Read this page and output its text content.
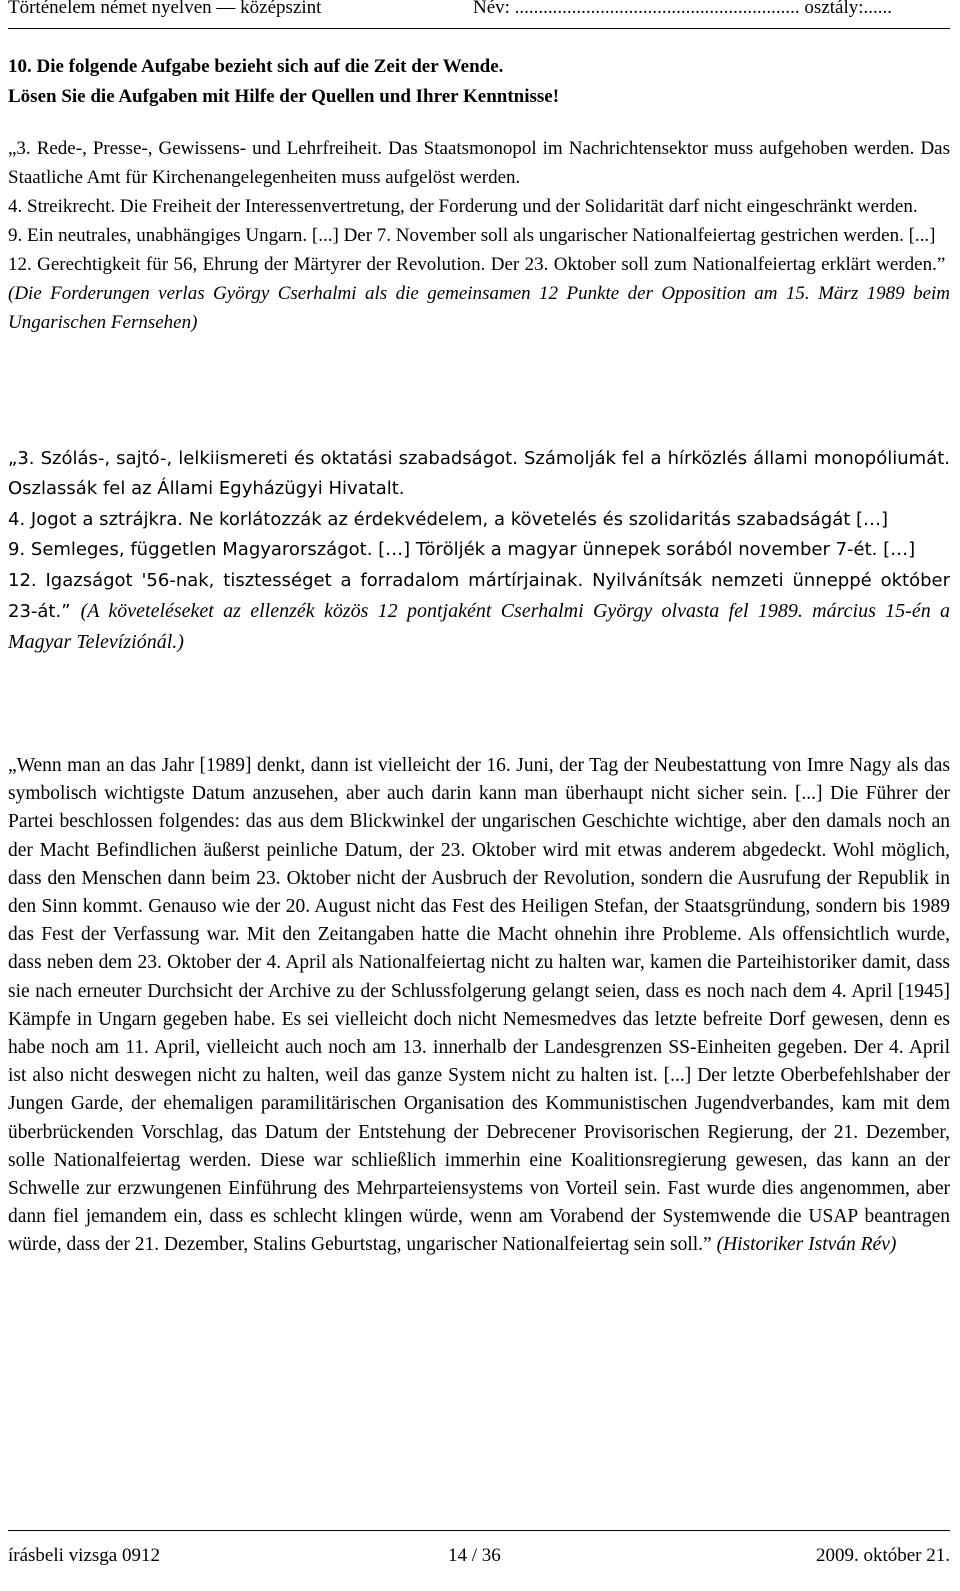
Történelem német nyelven — középszint	Név: ............................................................ osztály:......
10. Die folgende Aufgabe bezieht sich auf die Zeit der Wende.
Lösen Sie die Aufgaben mit Hilfe der Quellen und Ihrer Kenntnisse!

„3. Rede-, Presse-, Gewissens- und Lehrfreiheit. Das Staatsmonopol im Nachrichtensektor muss aufgehoben werden. Das Staatliche Amt für Kirchenangelegenheiten muss aufgelöst werden.

4. Streikrecht. Die Freiheit der Interessenvertretung, der Forderung und der Solidarität darf nicht eingeschränkt werden.

9. Ein neutrales, unabhängiges Ungarn. [...] Der 7. November soll als ungarischer Nationalfeiertag gestrichen werden. [...]

12. Gerechtigkeit für 56, Ehrung der Märtyrer der Revolution. Der 23. Oktober soll zum Nationalfeiertag erklärt werden.”  (Die Forderungen verlas György Cserhalmi als die gemeinsamen 12 Punkte der Opposition am 15. März 1989 beim Ungarischen Fernsehen)

„3. Szólás-, sajtó-, lelkiismereti és oktatási szabadságot. Számolják fel a hírközlés állami monopóliumát. Oszlassák fel az Állami Egyházügyi Hivatalt.

4. Jogot a sztrájkra. Ne korlátozzák az érdekvédelem, a követelés és szolidaritás szabadságát […]

9. Semleges, független Magyarországot. […] Töröljék a magyar ünnepek sorából november 7-ét. […]

12. Igazságot '56-nak, tisztességet a forradalom mártírjainak. Nyilvánítsák nemzeti ünneppé október 23-át.” (A követeléseket az ellenzék közös 12 pontjaként Cserhalmi György olvasta fel 1989. március 15-én a Magyar Televíziónál.)

„Wenn man an das Jahr [1989] denkt, dann ist vielleicht der 16. Juni, der Tag der Neubestattung von Imre Nagy als das symbolisch wichtigste Datum anzusehen, aber auch darin kann man überhaupt nicht sicher sein. [...] Die Führer der Partei beschlossen folgendes: das aus dem Blickwinkel der ungarischen Geschichte wichtige, aber den damals noch an der Macht Befindlichen äußerst peinliche Datum, der 23. Oktober wird mit etwas anderem abgedeckt. Wohl möglich, dass den Menschen dann beim 23. Oktober nicht der Ausbruch der Revolution, sondern die Ausrufung der Republik in den Sinn kommt. Genauso wie der 20. August nicht das Fest des Heiligen Stefan, der Staatsgründung, sondern bis 1989 das Fest der Verfassung war. Mit den Zeitangaben hatte die Macht ohnehin ihre Probleme. Als offensichtlich wurde, dass neben dem 23. Oktober der 4. April als Nationalfeiertag nicht zu halten war, kamen die Parteihistoriker damit, dass sie nach erneuter Durchsicht der Archive zu der Schlussfolgerung gelangt seien, dass es noch nach dem 4. April [1945] Kämpfe in Ungarn gegeben habe. Es sei vielleicht doch nicht Nemesmedves das letzte befreite Dorf gewesen, denn es habe noch am 11. April, vielleicht auch noch am 13. innerhalb der Landesgrenzen SS-Einheiten gegeben. Der 4. April ist also nicht deswegen nicht zu halten, weil das ganze System nicht zu halten ist. [...] Der letzte Oberbefehlshaber der Jungen Garde, der ehemaligen paramilitärischen Organisation des Kommunistischen Jugendverbandes, kam mit dem überbrückenden Vorschlag, das Datum der Entstehung der Debrecener Provisorischen Regierung, der 21. Dezember, solle Nationalfeiertag werden. Diese war schließlich immerhin eine Koalitionsregierung gewesen, das kann an der Schwelle zur erzwungenen Einführung des Mehrparteiensystems von Vorteil sein. Fast wurde dies angenommen, aber dann fiel jemandem ein, dass es schlecht klingen würde, wenn am Vorabend der Systemwende die USAP beantragen würde, dass der 21. Dezember, Stalins Geburtstag, ungarischer Nationalfeiertag sein soll.” (Historiker István Rév)

írásbeli vizsga 0912	14 / 36	2009. október 21.
